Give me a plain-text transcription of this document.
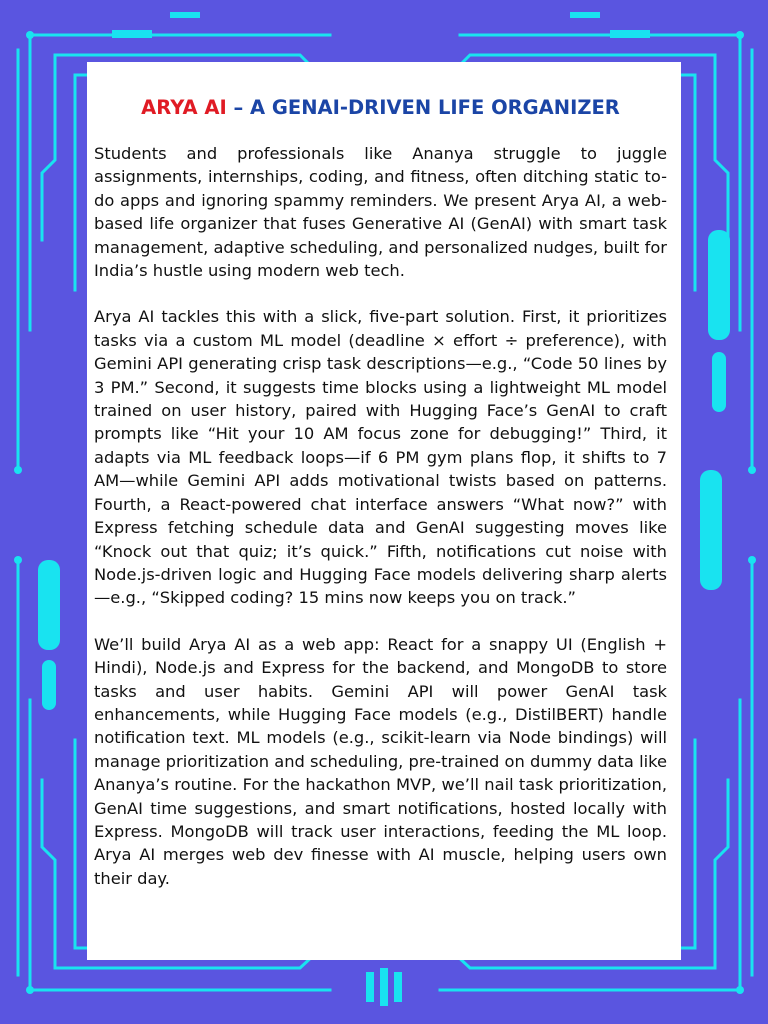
ARYA AI – A GENAI-DRIVEN LIFE ORGANIZER

Students and professionals like Ananya struggle to juggle assignments, internships, coding, and fitness, often ditching static to-do apps and ignoring spammy reminders. We present Arya AI, a web-based life organizer that fuses Generative AI (GenAI) with smart task management, adaptive scheduling, and personalized nudges, built for India’s hustle using modern web tech.

Arya AI tackles this with a slick, five-part solution. First, it prioritizes tasks via a custom ML model (deadline × effort ÷ preference), with Gemini API generating crisp task descriptions—e.g., “Code 50 lines by 3 PM.” Second, it suggests time blocks using a lightweight ML model trained on user history, paired with Hugging Face’s GenAI to craft prompts like “Hit your 10 AM focus zone for debugging!” Third, it adapts via ML feedback loops—if 6 PM gym plans flop, it shifts to 7 AM—while Gemini API adds motivational twists based on patterns. Fourth, a React-powered chat interface answers “What now?” with Express fetching schedule data and GenAI suggesting moves like “Knock out that quiz; it’s quick.” Fifth, notifications cut noise with Node.js-driven logic and Hugging Face models delivering sharp alerts—e.g., “Skipped coding? 15 mins now keeps you on track.”

We’ll build Arya AI as a web app: React for a snappy UI (English + Hindi), Node.js and Express for the backend, and MongoDB to store tasks and user habits. Gemini API will power GenAI task enhancements, while Hugging Face models (e.g., DistilBERT) handle notification text. ML models (e.g., scikit-learn via Node bindings) will manage prioritization and scheduling, pre-trained on dummy data like Ananya’s routine. For the hackathon MVP, we’ll nail task prioritization, GenAI time suggestions, and smart notifications, hosted locally with Express. MongoDB will track user interactions, feeding the ML loop. Arya AI merges web dev finesse with AI muscle, helping users own their day.
